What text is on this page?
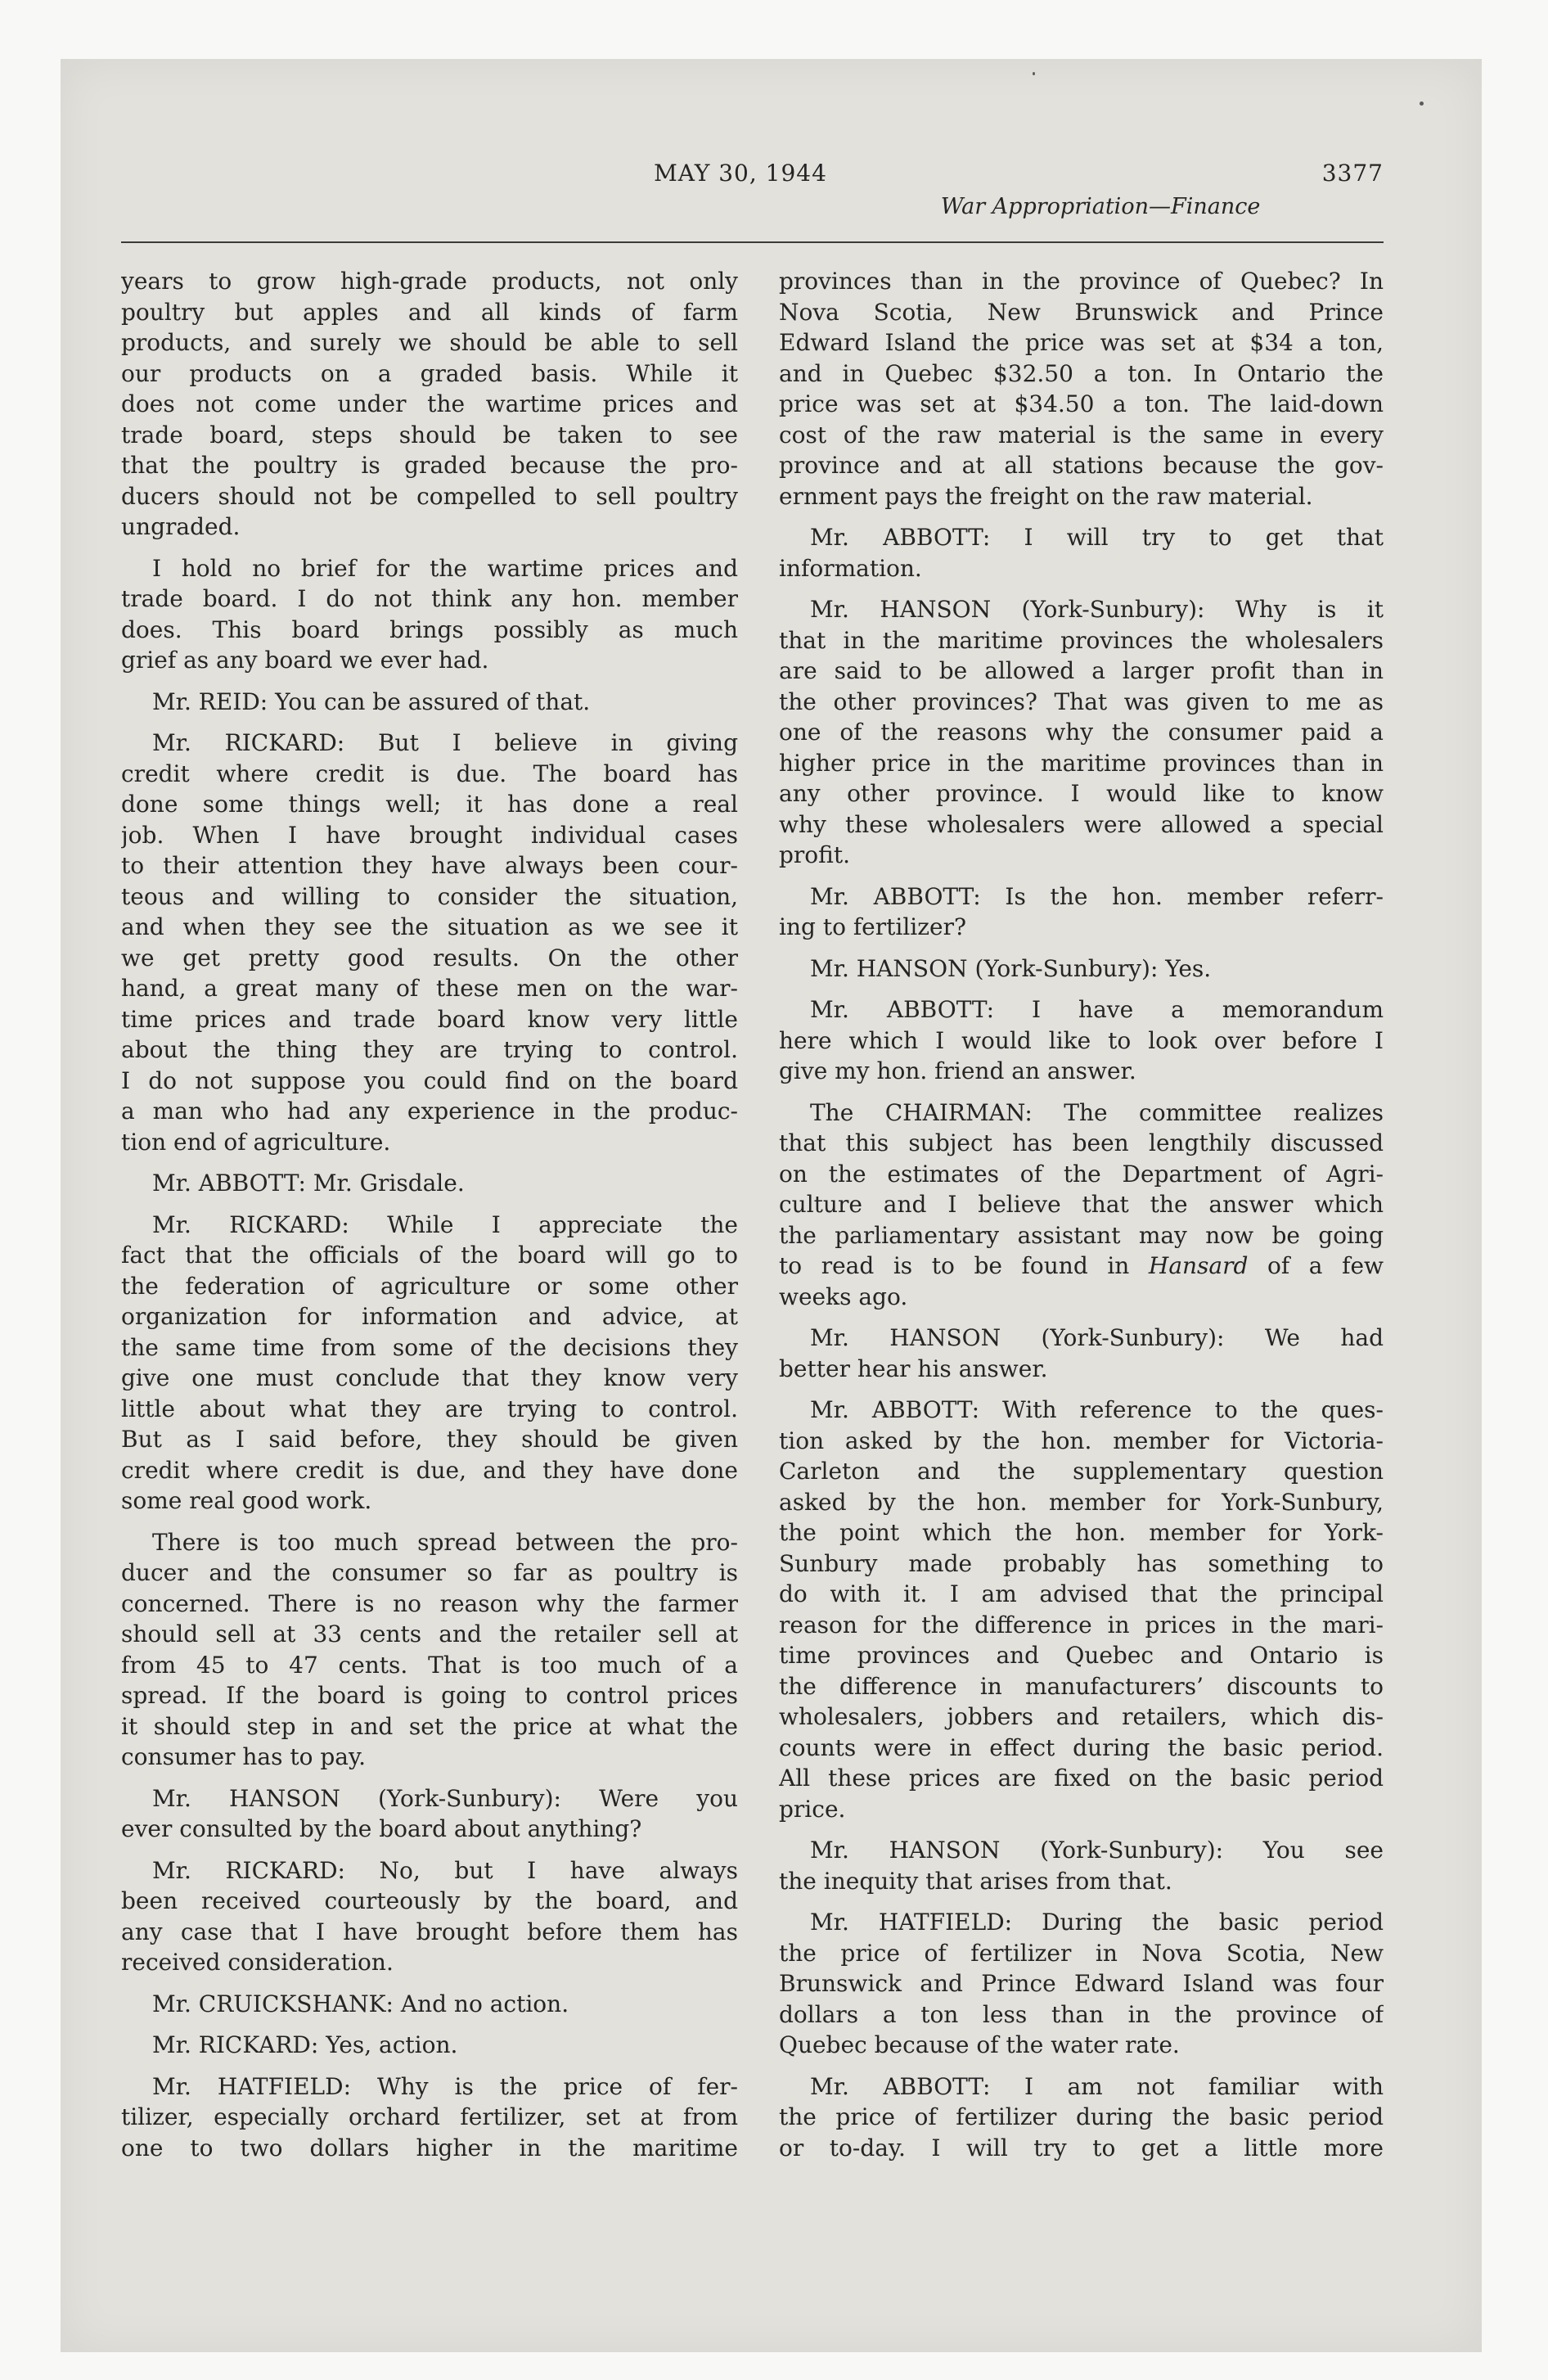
MAY 30, 1944	3377
War Appropriation—Finance
years to grow high-grade products, not only
poultry but apples and all kinds of farm
products, and surely we should be able to sell
our products on a graded basis. While it
does not come under the wartime prices and
trade board, steps should be taken to see
that the poultry is graded because the pro-
ducers should not be compelled to sell poultry
ungraded.
I hold no brief for the wartime prices and
trade board. I do not think any hon. member
does. This board brings possibly as much
grief as any board we ever had.
Mr. REID: You can be assured of that.
Mr. RICKARD: But I believe in giving
credit where credit is due. The board has
done some things well; it has done a real
job. When I have brought individual cases
to their attention they have always been cour-
teous and willing to consider the situation,
and when they see the situation as we see it
we get pretty good results. On the other
hand, a great many of these men on the war-
time prices and trade board know very little
about the thing they are trying to control.
I do not suppose you could find on the board
a man who had any experience in the produc-
tion end of agriculture.
Mr. ABBOTT: Mr. Grisdale.
Mr. RICKARD: While I appreciate the
fact that the officials of the board will go to
the federation of agriculture or some other
organization for information and advice, at
the same time from some of the decisions they
give one must conclude that they know very
little about what they are trying to control.
But as I said before, they should be given
credit where credit is due, and they have done
some real good work.
There is too much spread between the pro-
ducer and the consumer so far as poultry is
concerned. There is no reason why the farmer
should sell at 33 cents and the retailer sell at
from 45 to 47 cents. That is too much of a
spread. If the board is going to control prices
it should step in and set the price at what the
consumer has to pay.
Mr. HANSON (York-Sunbury): Were you
ever consulted by the board about anything?
Mr. RICKARD: No, but I have always
been received courteously by the board, and
any case that I have brought before them has
received consideration.
Mr. CRUICKSHANK: And no action.
Mr. RICKARD: Yes, action.
Mr. HATFIELD: Why is the price of fer-
tilizer, especially orchard fertilizer, set at from
one to two dollars higher in the maritime
provinces than in the province of Quebec? In
Nova Scotia, New Brunswick and Prince
Edward Island the price was set at $34 a ton,
and in Quebec $32.50 a ton. In Ontario the
price was set at $34.50 a ton. The laid-down
cost of the raw material is the same in every
province and at all stations because the gov-
ernment pays the freight on the raw material.
Mr. ABBOTT: I will try to get that
information.
Mr. HANSON (York-Sunbury): Why is it
that in the maritime provinces the wholesalers
are said to be allowed a larger profit than in
the other provinces? That was given to me as
one of the reasons why the consumer paid a
higher price in the maritime provinces than in
any other province. I would like to know
why these wholesalers were allowed a special
profit.
Mr. ABBOTT: Is the hon. member referr-
ing to fertilizer?
Mr. HANSON (York-Sunbury): Yes.
Mr. ABBOTT: I have a memorandum
here which I would like to look over before I
give my hon. friend an answer.
The CHAIRMAN: The committee realizes
that this subject has been lengthily discussed
on the estimates of the Department of Agri-
culture and I believe that the answer which
the parliamentary assistant may now be going
to read is to be found in Hansard of a few
weeks ago.
Mr. HANSON (York-Sunbury): We had
better hear his answer.
Mr. ABBOTT: With reference to the ques-
tion asked by the hon. member for Victoria-
Carleton and the supplementary question
asked by the hon. member for York-Sunbury,
the point which the hon. member for York-
Sunbury made probably has something to
do with it. I am advised that the principal
reason for the difference in prices in the mari-
time provinces and Quebec and Ontario is
the difference in manufacturers’ discounts to
wholesalers, jobbers and retailers, which dis-
counts were in effect during the basic period.
All these prices are fixed on the basic period
price.
Mr. HANSON (York-Sunbury): You see
the inequity that arises from that.
Mr. HATFIELD: During the basic period
the price of fertilizer in Nova Scotia, New
Brunswick and Prince Edward Island was four
dollars a ton less than in the province of
Quebec because of the water rate.
Mr. ABBOTT: I am not familiar with
the price of fertilizer during the basic period
or to-day. I will try to get a little more
